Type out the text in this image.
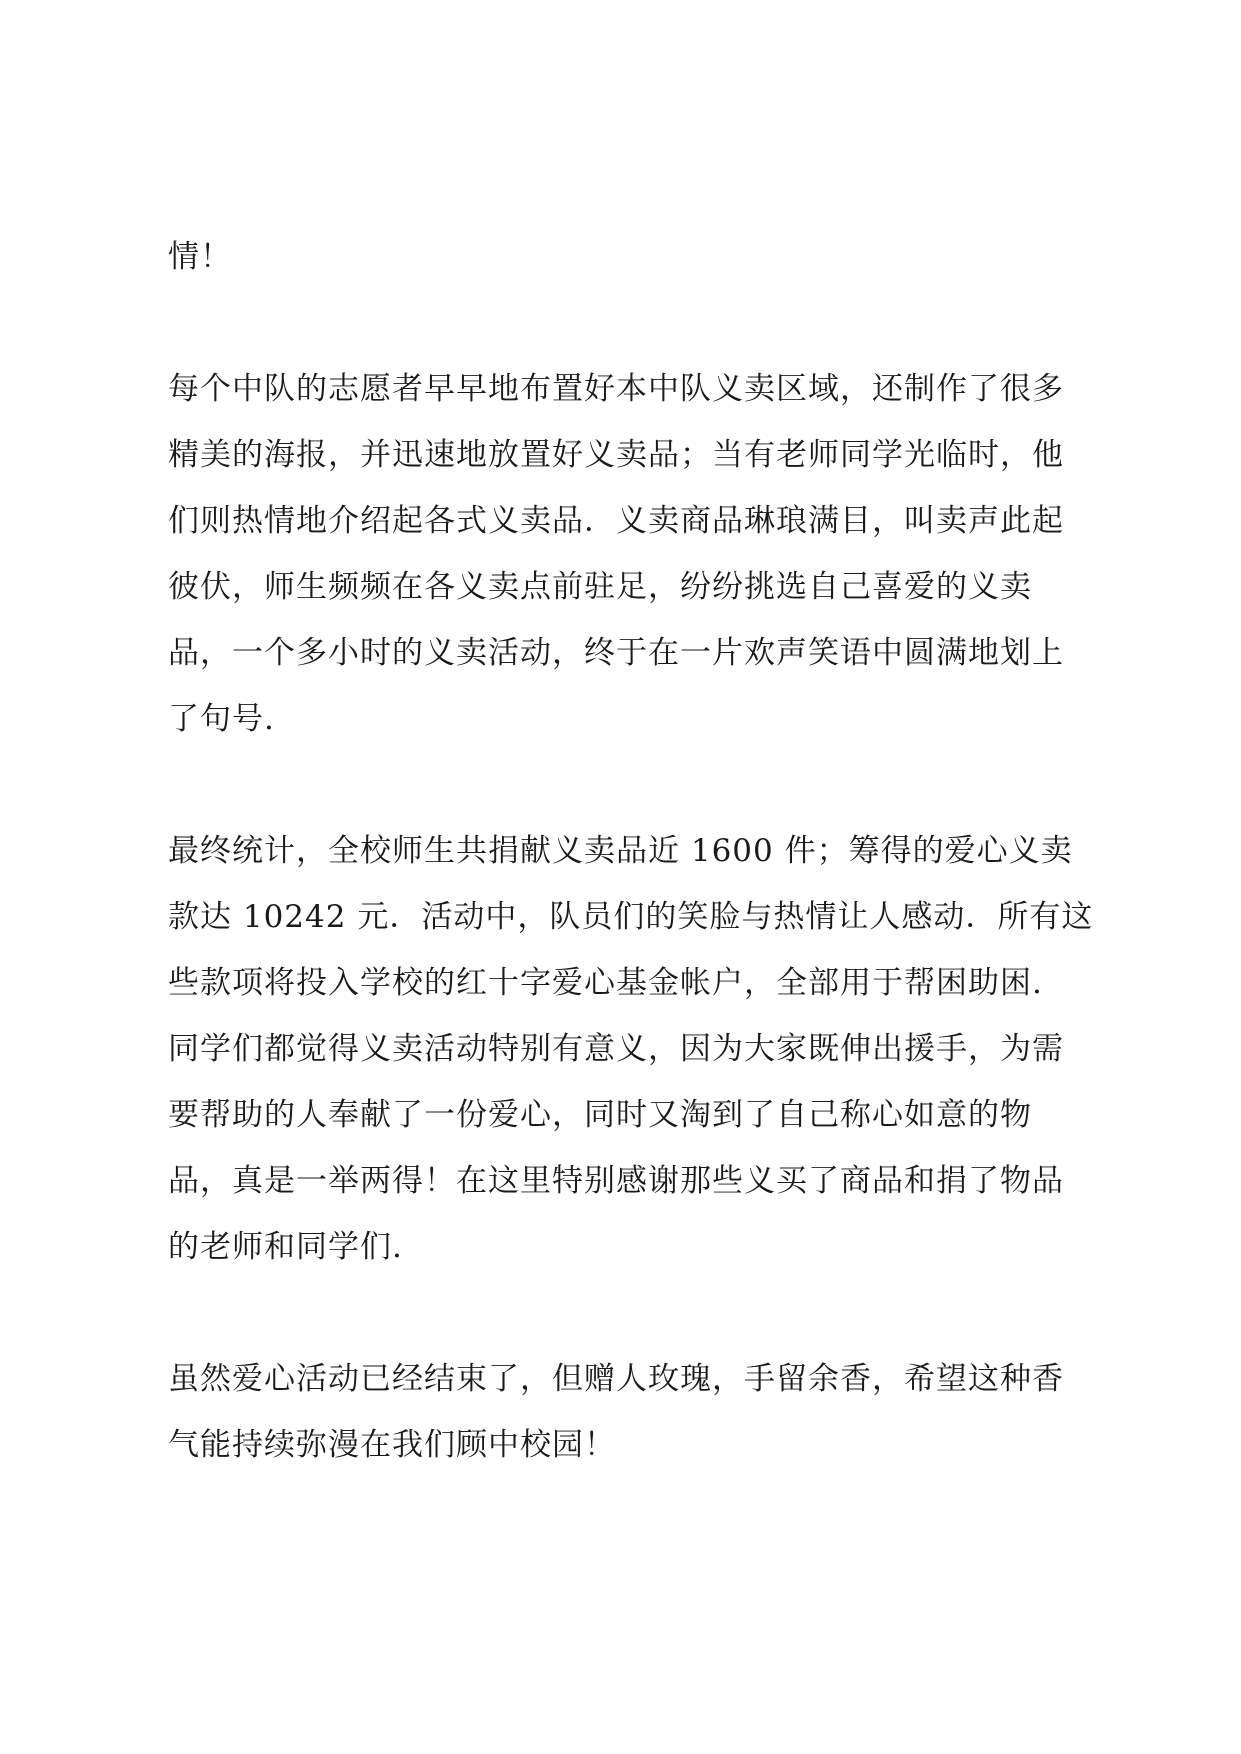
情！

每个中队的志愿者早早地布置好本中队义卖区域，还制作了很多
精美的海报，并迅速地放置好义卖品；当有老师同学光临时，他
们则热情地介绍起各式义卖品．义卖商品琳琅满目，叫卖声此起
彼伏，师生频频在各义卖点前驻足，纷纷挑选自己喜爱的义卖
品，一个多小时的义卖活动，终于在一片欢声笑语中圆满地划上
了句号.

最终统计，全校师生共捐献义卖品近 1600 件；筹得的爱心义卖
款达 10242 元．活动中，队员们的笑脸与热情让人感动．所有这
些款项将投入学校的红十字爱心基金帐户，全部用于帮困助困.
同学们都觉得义卖活动特别有意义，因为大家既伸出援手，为需
要帮助的人奉献了一份爱心，同时又淘到了自己称心如意的物
品，真是一举两得！在这里特别感谢那些义买了商品和捐了物品
的老师和同学们.

虽然爱心活动已经结束了，但赠人玫瑰，手留余香，希望这种香
气能持续弥漫在我们顾中校园！
